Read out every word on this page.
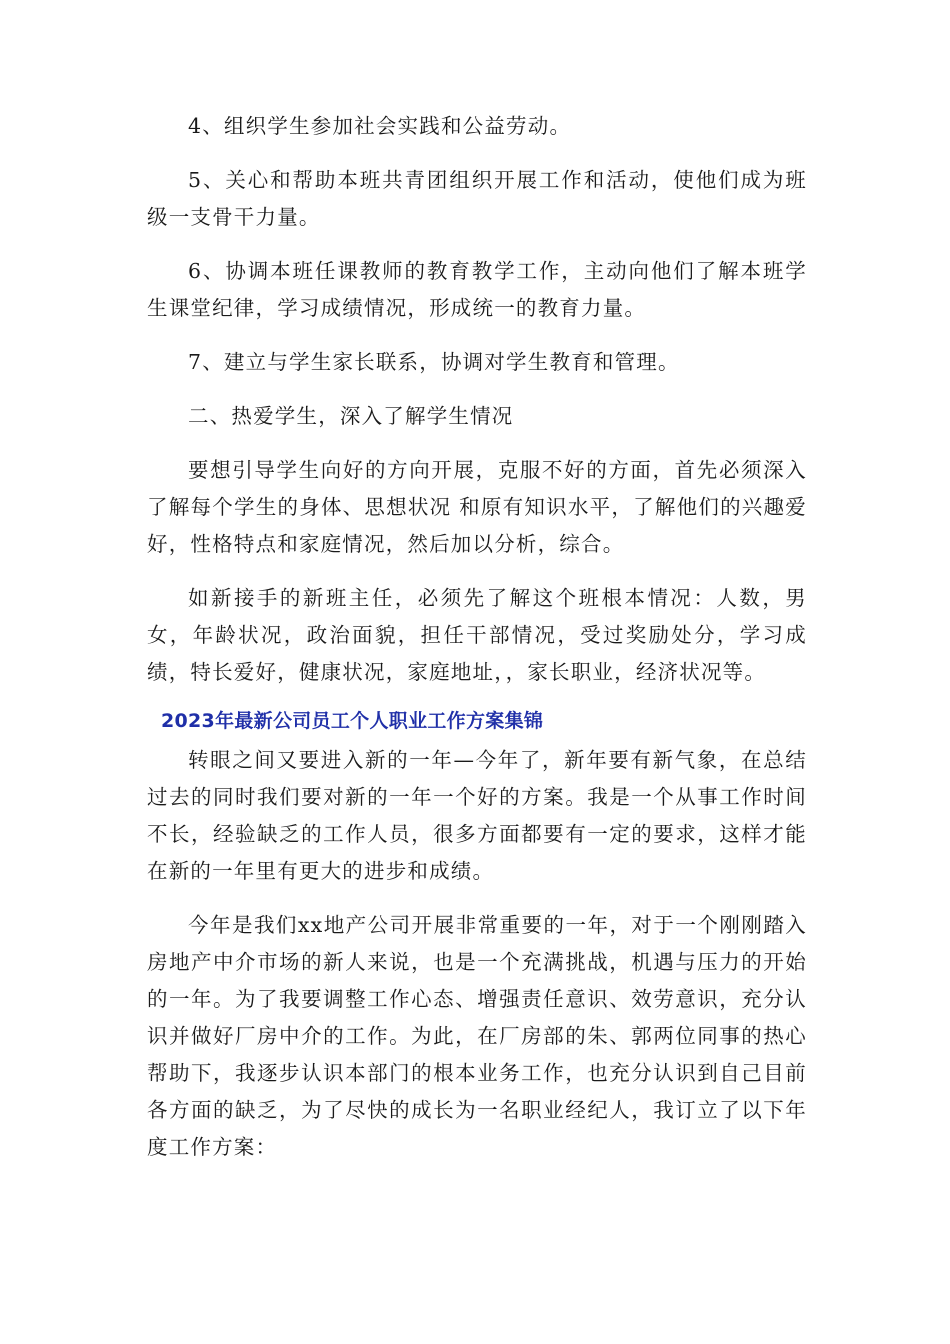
4、组织学生参加社会实践和公益劳动。

5、关心和帮助本班共青团组织开展工作和活动，使他们成为班级一支骨干力量。

6、协调本班任课教师的教育教学工作，主动向他们了解本班学生课堂纪律，学习成绩情况，形成统一的教育力量。

7、建立与学生家长联系，协调对学生教育和管理。

二、热爱学生，深入了解学生情况

要想引导学生向好的方向开展，克服不好的方面，首先必须深入了解每个学生的身体、思想状况 和原有知识水平，了解他们的兴趣爱好，性格特点和家庭情况，然后加以分析，综合。

如新接手的新班主任，必须先了解这个班根本情况：人数，男女，年龄状况，政治面貌，担任干部情况，受过奖励处分，学习成绩，特长爱好，健康状况，家庭地址，，家长职业，经济状况等。

2023年最新公司员工个人职业工作方案集锦

转眼之间又要进入新的一年—今年了，新年要有新气象，在总结过去的同时我们要对新的一年一个好的方案。我是一个从事工作时间不长，经验缺乏的工作人员，很多方面都要有一定的要求，这样才能在新的一年里有更大的进步和成绩。

今年是我们xx地产公司开展非常重要的一年，对于一个刚刚踏入房地产中介市场的新人来说，也是一个充满挑战，机遇与压力的开始的一年。为了我要调整工作心态、增强责任意识、效劳意识，充分认识并做好厂房中介的工作。为此，在厂房部的朱、郭两位同事的热心帮助下，我逐步认识本部门的根本业务工作，也充分认识到自己目前各方面的缺乏，为了尽快的成长为一名职业经纪人，我订立了以下年度工作方案：
